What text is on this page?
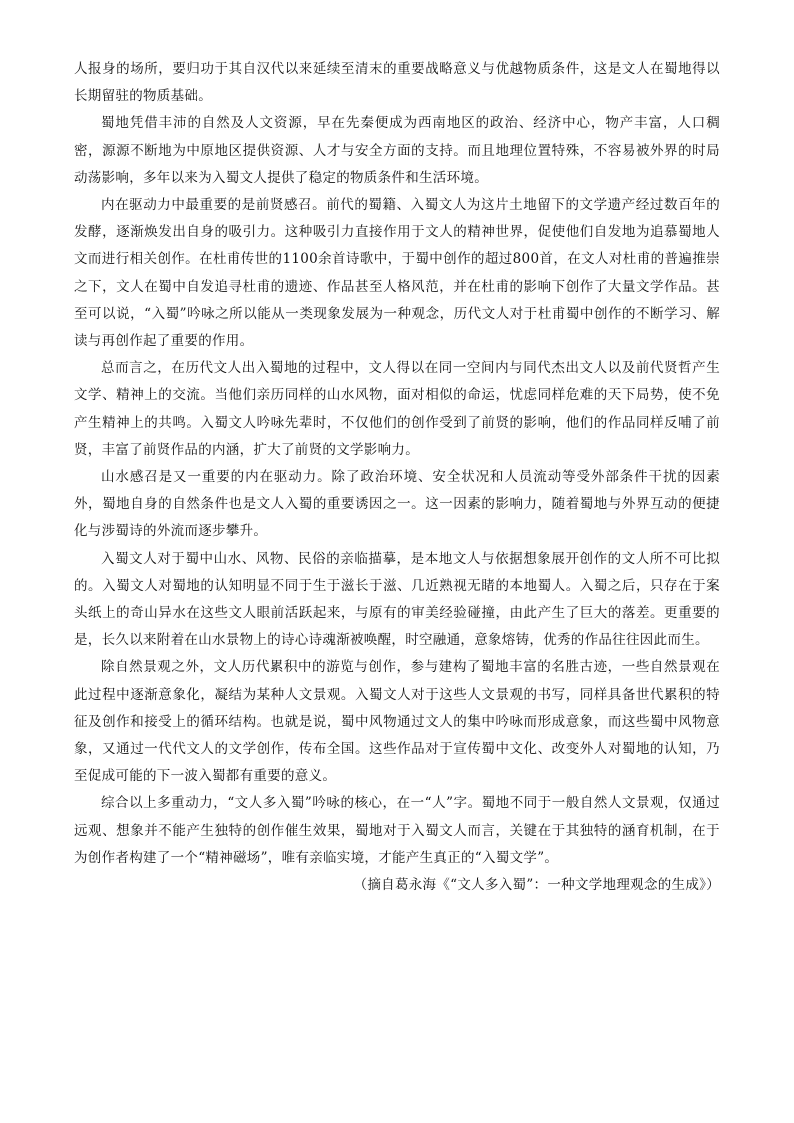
人报身的场所，要归功于其自汉代以来延续至清末的重要战略意义与优越物质条件，这是文人在蜀地得以长期留驻的物质基础。

蜀地凭借丰沛的自然及人文资源，早在先秦便成为西南地区的政治、经济中心，物产丰富，人口稠密，源源不断地为中原地区提供资源、人才与安全方面的支持。而且地理位置特殊，不容易被外界的时局动荡影响，多年以来为入蜀文人提供了稳定的物质条件和生活环境。

内在驱动力中最重要的是前贤感召。前代的蜀籍、入蜀文人为这片土地留下的文学遗产经过数百年的发酵，逐渐焕发出自身的吸引力。这种吸引力直接作用于文人的精神世界，促使他们自发地为追慕蜀地人文而进行相关创作。在杜甫传世的1100余首诗歌中，于蜀中创作的超过800首，在文人对杜甫的普遍推崇之下，文人在蜀中自发追寻杜甫的遗迹、作品甚至人格风范，并在杜甫的影响下创作了大量文学作品。甚至可以说，“入蜀”吟咏之所以能从一类现象发展为一种观念，历代文人对于杜甫蜀中创作的不断学习、解读与再创作起了重要的作用。

总而言之，在历代文人出入蜀地的过程中，文人得以在同一空间内与同代杰出文人以及前代贤哲产生文学、精神上的交流。当他们亲历同样的山水风物，面对相似的命运，忧虑同样危难的天下局势，使不免产生精神上的共鸣。入蜀文人吟咏先辈时，不仅他们的创作受到了前贤的影响，他们的作品同样反哺了前贤，丰富了前贤作品的内涵，扩大了前贤的文学影响力。

山水感召是又一重要的内在驱动力。除了政治环境、安全状况和人员流动等受外部条件干扰的因素外，蜀地自身的自然条件也是文人入蜀的重要诱因之一。这一因素的影响力，随着蜀地与外界互动的便捷化与涉蜀诗的外流而逐步攀升。

入蜀文人对于蜀中山水、风物、民俗的亲临描摹，是本地文人与依据想象展开创作的文人所不可比拟的。入蜀文人对蜀地的认知明显不同于生于滋长于滋、几近熟视无睹的本地蜀人。入蜀之后，只存在于案头纸上的奇山异水在这些文人眼前活跃起来，与原有的审美经验碰撞，由此产生了巨大的落差。更重要的是，长久以来附着在山水景物上的诗心诗魂渐被唤醒，时空融通，意象熔铸，优秀的作品往往因此而生。

除自然景观之外，文人历代累积中的游览与创作，参与建构了蜀地丰富的名胜古迹，一些自然景观在此过程中逐渐意象化，凝结为某种人文景观。入蜀文人对于这些人文景观的书写，同样具备世代累积的特征及创作和接受上的循环结构。也就是说，蜀中风物通过文人的集中吟咏而形成意象，而这些蜀中风物意象，又通过一代代文人的文学创作，传布全国。这些作品对于宣传蜀中文化、改变外人对蜀地的认知，乃至促成可能的下一波入蜀都有重要的意义。

综合以上多重动力，“文人多入蜀”吟咏的核心，在一“人”字。蜀地不同于一般自然人文景观，仅通过远观、想象并不能产生独特的创作催生效果，蜀地对于入蜀文人而言，关键在于其独特的涵育机制，在于为创作者构建了一个“精神磁场”，唯有亲临实境，才能产生真正的“入蜀文学”。

（摘自葛永海《“文人多入蜀”：一种文学地理观念的生成》）
